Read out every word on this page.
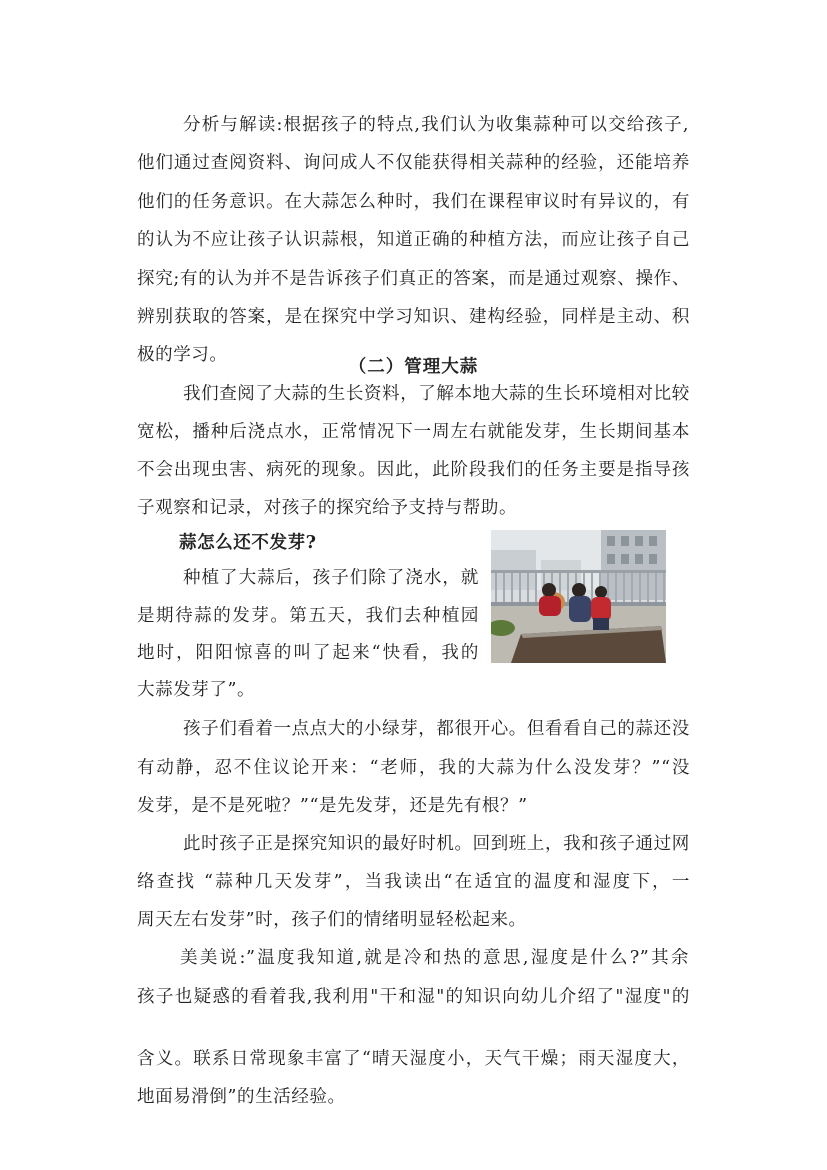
分析与解读:根据孩子的特点,我们认为收集蒜种可以交给孩子,
他们通过查阅资料、询问成人不仅能获得相关蒜种的经验，还能培养
他们的任务意识。在大蒜怎么种时，我们在课程审议时有异议的，有
的认为不应让孩子认识蒜根，知道正确的种植方法，而应让孩子自己
探究;有的认为并不是告诉孩子们真正的答案，而是通过观察、操作、
辨别获取的答案，是在探究中学习知识、建构经验，同样是主动、积
极的学习。
（二）管理大蒜
我们查阅了大蒜的生长资料，了解本地大蒜的生长环境相对比较
宽松，播种后浇点水，正常情况下一周左右就能发芽，生长期间基本
不会出现虫害、病死的现象。因此，此阶段我们的任务主要是指导孩
子观察和记录，对孩子的探究给予支持与帮助。
蒜怎么还不发芽?
种植了大蒜后，孩子们除了浇水，就
是期待蒜的发芽。第五天，我们去种植园
地时，阳阳惊喜的叫了起来“快看，我的
大蒜发芽了”。
孩子们看着一点点大的小绿芽，都很开心。但看看自己的蒜还没
有动静，忍不住议论开来：“老师，我的大蒜为什么没发芽？”“没
发芽，是不是死啦？”“是先发芽，还是先有根？”
此时孩子正是探究知识的最好时机。回到班上，我和孩子通过网
络查找 “蒜种几天发芽”，当我读出“在适宜的温度和湿度下，一
周天左右发芽”时，孩子们的情绪明显轻松起来。
美美说:”温度我知道,就是冷和热的意思,湿度是什么?”其余
孩子也疑惑的看着我,我利用"干和湿"的知识向幼儿介绍了"湿度"的
含义。联系日常现象丰富了“晴天湿度小，天气干燥；雨天湿度大，
地面易滑倒”的生活经验。
